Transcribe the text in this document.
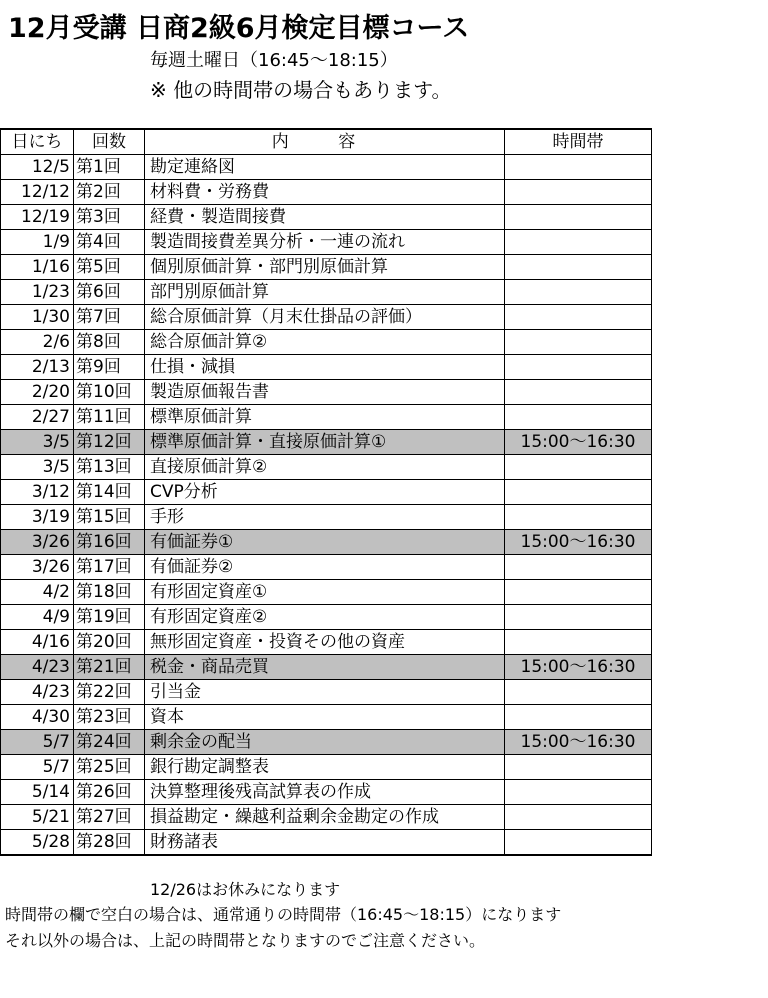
12月受講 日商2級6月検定目標コース
毎週土曜日（16:45〜18:15）
※ 他の時間帯の場合もあります。
日にち	回数	内 容	時間帯
12/5	第1回	勘定連絡図	
12/12	第2回	材料費・労務費	
12/19	第3回	経費・製造間接費	
1/9	第4回	製造間接費差異分析・一連の流れ	
1/16	第5回	個別原価計算・部門別原価計算	
1/23	第6回	部門別原価計算	
1/30	第7回	総合原価計算（月末仕掛品の評価）	
2/6	第8回	総合原価計算②	
2/13	第9回	仕損・減損	
2/20	第10回	製造原価報告書	
2/27	第11回	標準原価計算	
3/5	第12回	標準原価計算・直接原価計算①	15:00〜16:30
3/5	第13回	直接原価計算②	
3/12	第14回	CVP分析	
3/19	第15回	手形	
3/26	第16回	有価証券①	15:00〜16:30
3/26	第17回	有価証券②	
4/2	第18回	有形固定資産①	
4/9	第19回	有形固定資産②	
4/16	第20回	無形固定資産・投資その他の資産	
4/23	第21回	税金・商品売買	15:00〜16:30
4/23	第22回	引当金	
4/30	第23回	資本	
5/7	第24回	剰余金の配当	15:00〜16:30
5/7	第25回	銀行勘定調整表	
5/14	第26回	決算整理後残高試算表の作成	
5/21	第27回	損益勘定・繰越利益剰余金勘定の作成	
5/28	第28回	財務諸表	
12/26はお休みになります
時間帯の欄で空白の場合は、通常通りの時間帯（16:45〜18:15）になります
それ以外の場合は、上記の時間帯となりますのでご注意ください。
